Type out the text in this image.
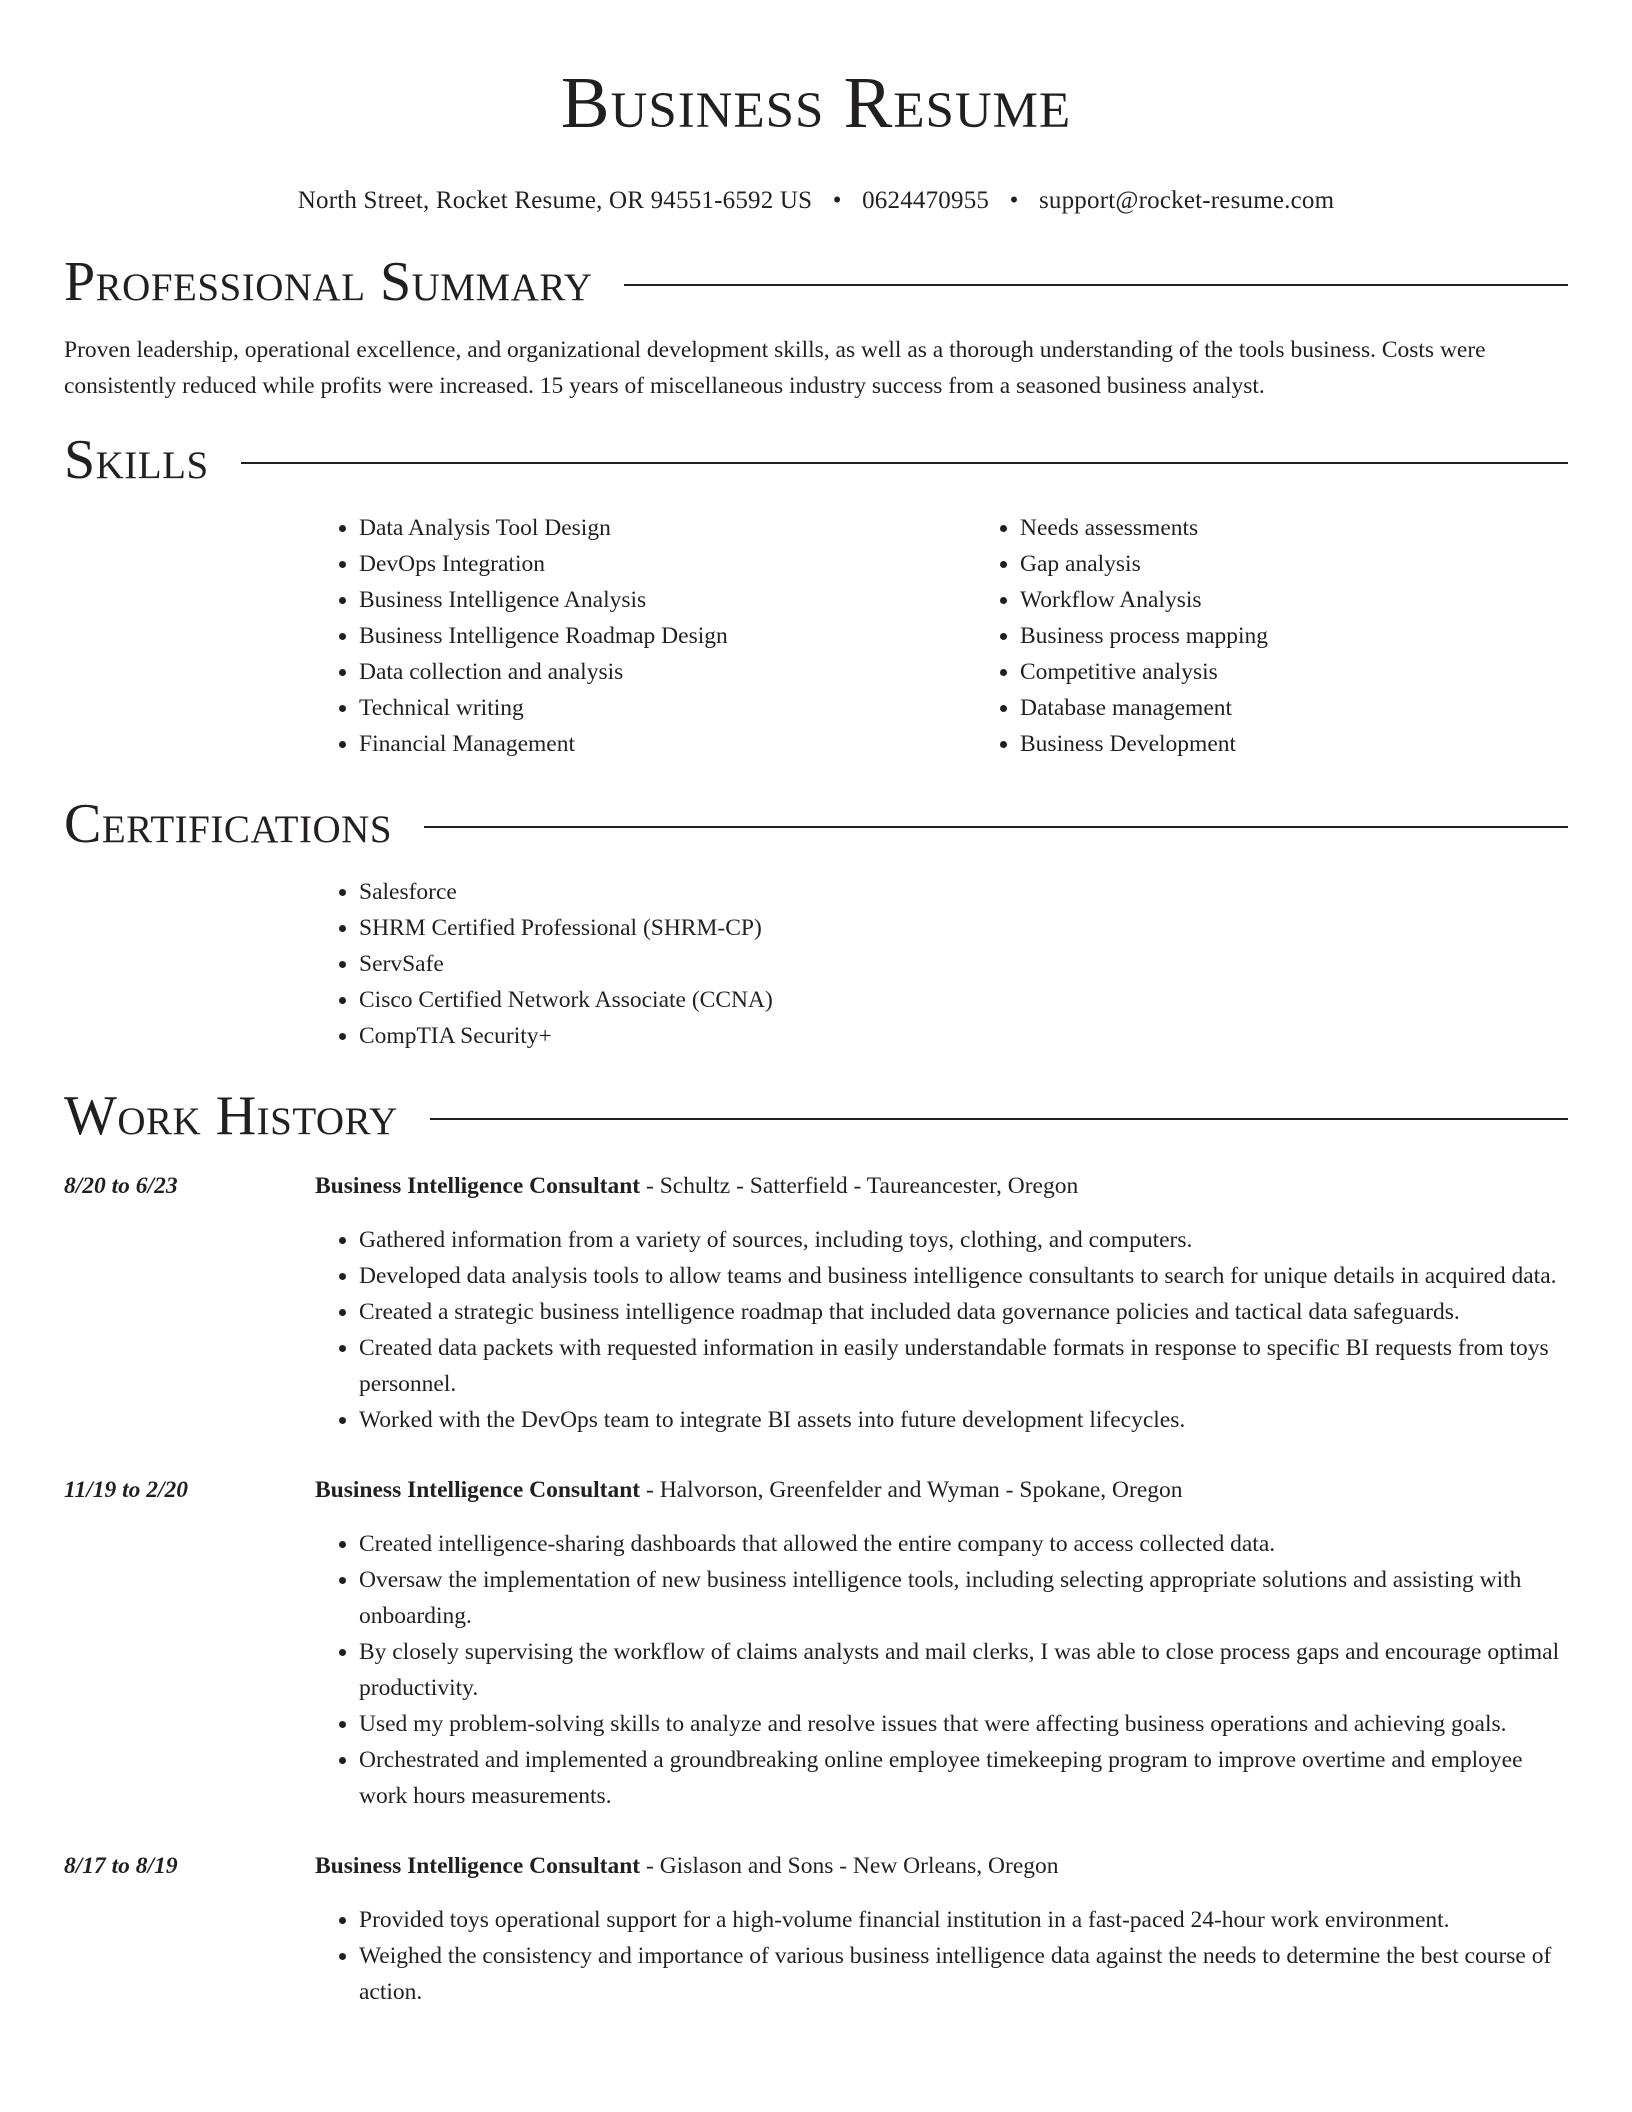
Business Resume
North Street, Rocket Resume, OR 94551-6592 US • 0624470955 • support@rocket-resume.com
Professional Summary

Proven leadership, operational excellence, and organizational development skills, as well as a thorough understanding of the tools business. Costs were consistently reduced while profits were increased. 15 years of miscellaneous industry success from a seasoned business analyst.

Skills
• Data Analysis Tool Design
• DevOps Integration
• Business Intelligence Analysis
• Business Intelligence Roadmap Design
• Data collection and analysis
• Technical writing
• Financial Management
• Needs assessments
• Gap analysis
• Workflow Analysis
• Business process mapping
• Competitive analysis
• Database management
• Business Development
Certifications
• Salesforce
• SHRM Certified Professional (SHRM-CP)
• ServSafe
• Cisco Certified Network Associate (CCNA)
• CompTIA Security+
Work History
8/20 to 6/23	Business Intelligence Consultant - Schultz - Satterfield - Taureancester, Oregon
• Gathered information from a variety of sources, including toys, clothing, and computers.
• Developed data analysis tools to allow teams and business intelligence consultants to search for unique details in acquired data.
• Created a strategic business intelligence roadmap that included data governance policies and tactical data safeguards.
• Created data packets with requested information in easily understandable formats in response to specific BI requests from toys personnel.
• Worked with the DevOps team to integrate BI assets into future development lifecycles.
11/19 to 2/20	Business Intelligence Consultant - Halvorson, Greenfelder and Wyman - Spokane, Oregon
• Created intelligence-sharing dashboards that allowed the entire company to access collected data.
• Oversaw the implementation of new business intelligence tools, including selecting appropriate solutions and assisting with onboarding.
• By closely supervising the workflow of claims analysts and mail clerks, I was able to close process gaps and encourage optimal productivity.
• Used my problem-solving skills to analyze and resolve issues that were affecting business operations and achieving goals.
• Orchestrated and implemented a groundbreaking online employee timekeeping program to improve overtime and employee work hours measurements.
8/17 to 8/19	Business Intelligence Consultant - Gislason and Sons - New Orleans, Oregon
• Provided toys operational support for a high-volume financial institution in a fast-paced 24-hour work environment.
• Weighed the consistency and importance of various business intelligence data against the needs to determine the best course of action.
